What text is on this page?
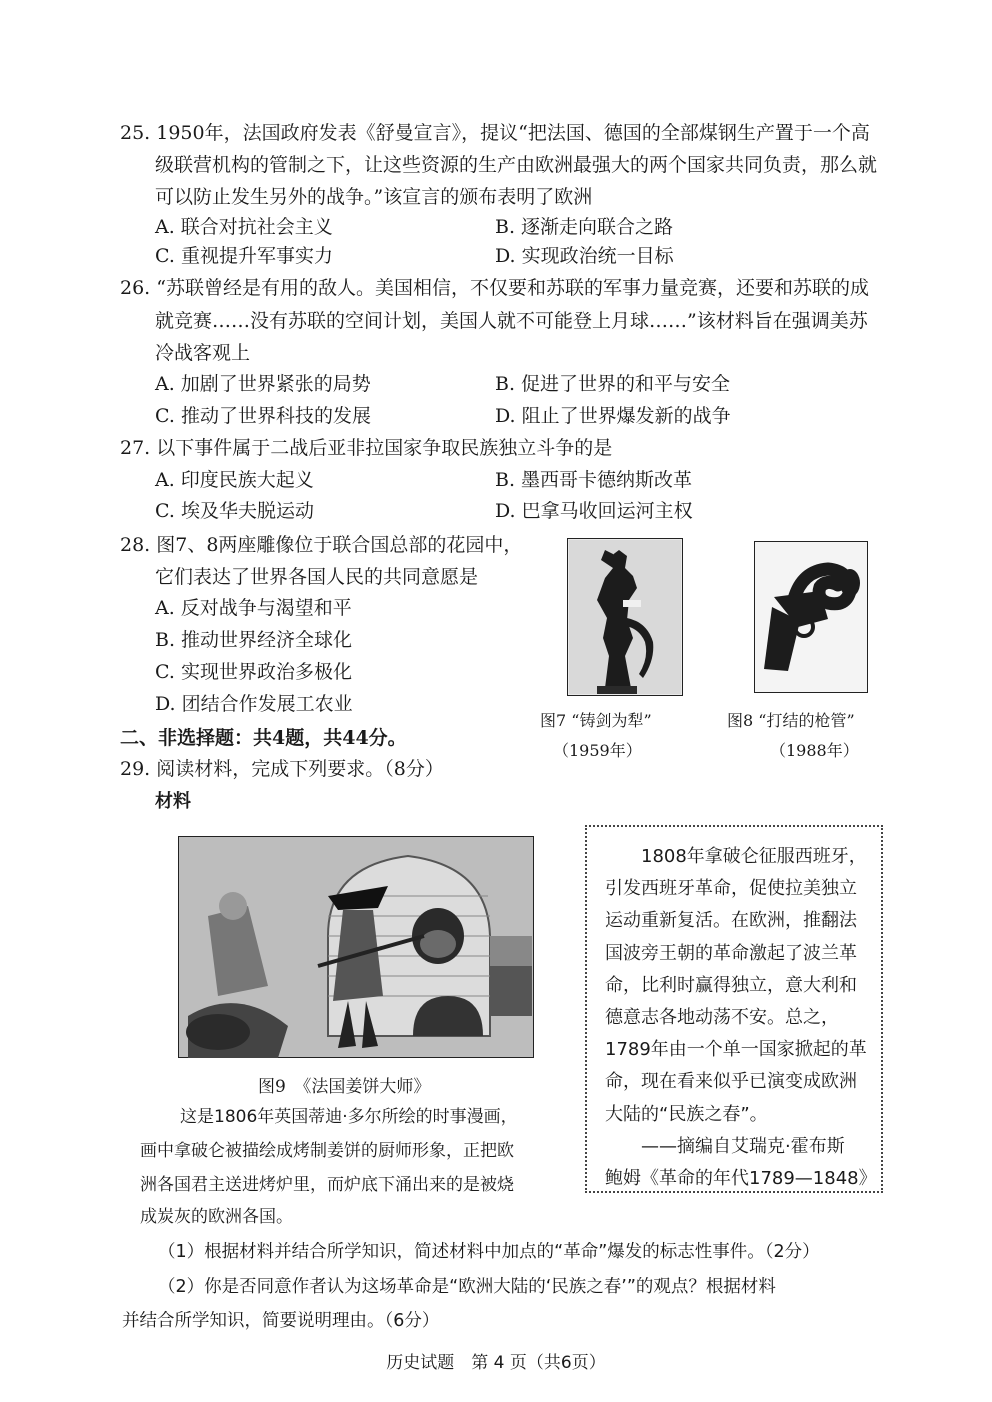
25. 1950年，法国政府发表《舒曼宣言》，提议“把法国、德国的全部煤钢生产置于一个高
级联营机构的管制之下，让这些资源的生产由欧洲最强大的两个国家共同负责，那么就
可以防止发生另外的战争。”该宣言的颁布表明了欧洲
A. 联合对抗社会主义	B. 逐渐走向联合之路
C. 重视提升军事实力	D. 实现政治统一目标
26. “苏联曾经是有用的敌人。美国相信，不仅要和苏联的军事力量竞赛，还要和苏联的成
就竞赛……没有苏联的空间计划，美国人就不可能登上月球……”该材料旨在强调美苏
冷战客观上
A. 加剧了世界紧张的局势	B. 促进了世界的和平与安全
C. 推动了世界科技的发展	D. 阻止了世界爆发新的战争
27. 以下事件属于二战后亚非拉国家争取民族独立斗争的是
A. 印度民族大起义	B. 墨西哥卡德纳斯改革
C. 埃及华夫脱运动	D. 巴拿马收回运河主权
28. 图7、8两座雕像位于联合国总部的花园中，
它们表达了世界各国人民的共同意愿是
A. 反对战争与渴望和平
B. 推动世界经济全球化
C. 实现世界政治多极化
D. 团结合作发展工农业
图7 “铸剑为犁”
（1959年）
图8 “打结的枪管”
（1988年）
二、非选择题：共4题，共44分。
29. 阅读材料，完成下列要求。（8分）
材料
图9　《法国姜饼大师》
这是1806年英国蒂迪·多尔所绘的时事漫画，
画中拿破仑被描绘成烤制姜饼的厨师形象，正把欧
洲各国君主送进烤炉里，而炉底下涌出来的是被烧
成炭灰的欧洲各国。
　　1808年拿破仑征服西班牙，
引发西班牙革命，促使拉美独立
运动重新复活。在欧洲，推翻法
国波旁王朝的革命激起了波兰革
命，比利时赢得独立，意大利和
德意志各地动荡不安。总之，
1789年由一个单一国家掀起的革
命，现在看来似乎已演变成欧洲
大陆的“民族之春”。
　　——摘编自艾瑞克·霍布斯
鲍姆《革命的年代1789—1848》
（1）根据材料并结合所学知识，简述材料中加点的“革命”爆发的标志性事件。（2分）
（2）你是否同意作者认为这场革命是“欧洲大陆的‘民族之春’”的观点？根据材料
并结合所学知识，简要说明理由。（6分）
历史试题　第 4 页（共6页）
